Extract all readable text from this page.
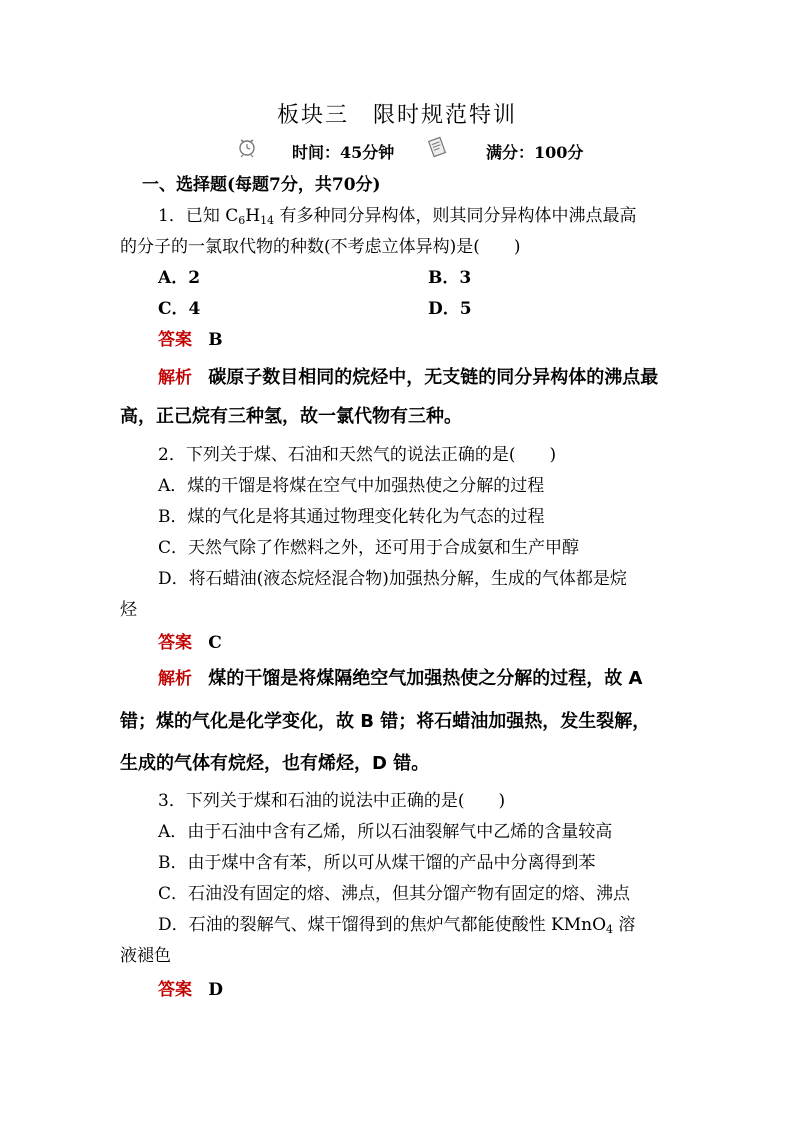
板块三　限时规范特训
时间：45分钟	满分：100分
一、选择题(每题7分，共70分)
1．已知 $C_6H_{14}$ 有多种同分异构体，则其同分异构体中沸点最高
的分子的一氯取代物的种数(不考虑立体异构)是(　　)
A．2	B．3
C．4	D．5
答案 B
解析 碳原子数目相同的烷烃中，无支链的同分异构体的沸点最
高，正己烷有三种氢，故一氯代物有三种。
2．下列关于煤、石油和天然气的说法正确的是(　　)
A．煤的干馏是将煤在空气中加强热使之分解的过程
B．煤的气化是将其通过物理变化转化为气态的过程
C．天然气除了作燃料之外，还可用于合成氨和生产甲醇
D．将石蜡油(液态烷烃混合物)加强热分解，生成的气体都是烷
烃
答案 C
解析 煤的干馏是将煤隔绝空气加强热使之分解的过程，故 A
错；煤的气化是化学变化，故 B 错；将石蜡油加强热，发生裂解，
生成的气体有烷烃，也有烯烃，D 错。
3．下列关于煤和石油的说法中正确的是(　　)
A．由于石油中含有乙烯，所以石油裂解气中乙烯的含量较高
B．由于煤中含有苯，所以可从煤干馏的产品中分离得到苯
C．石油没有固定的熔、沸点，但其分馏产物有固定的熔、沸点
D．石油的裂解气、煤干馏得到的焦炉气都能使酸性 KMnO$_4$ 溶
液褪色
答案 D
